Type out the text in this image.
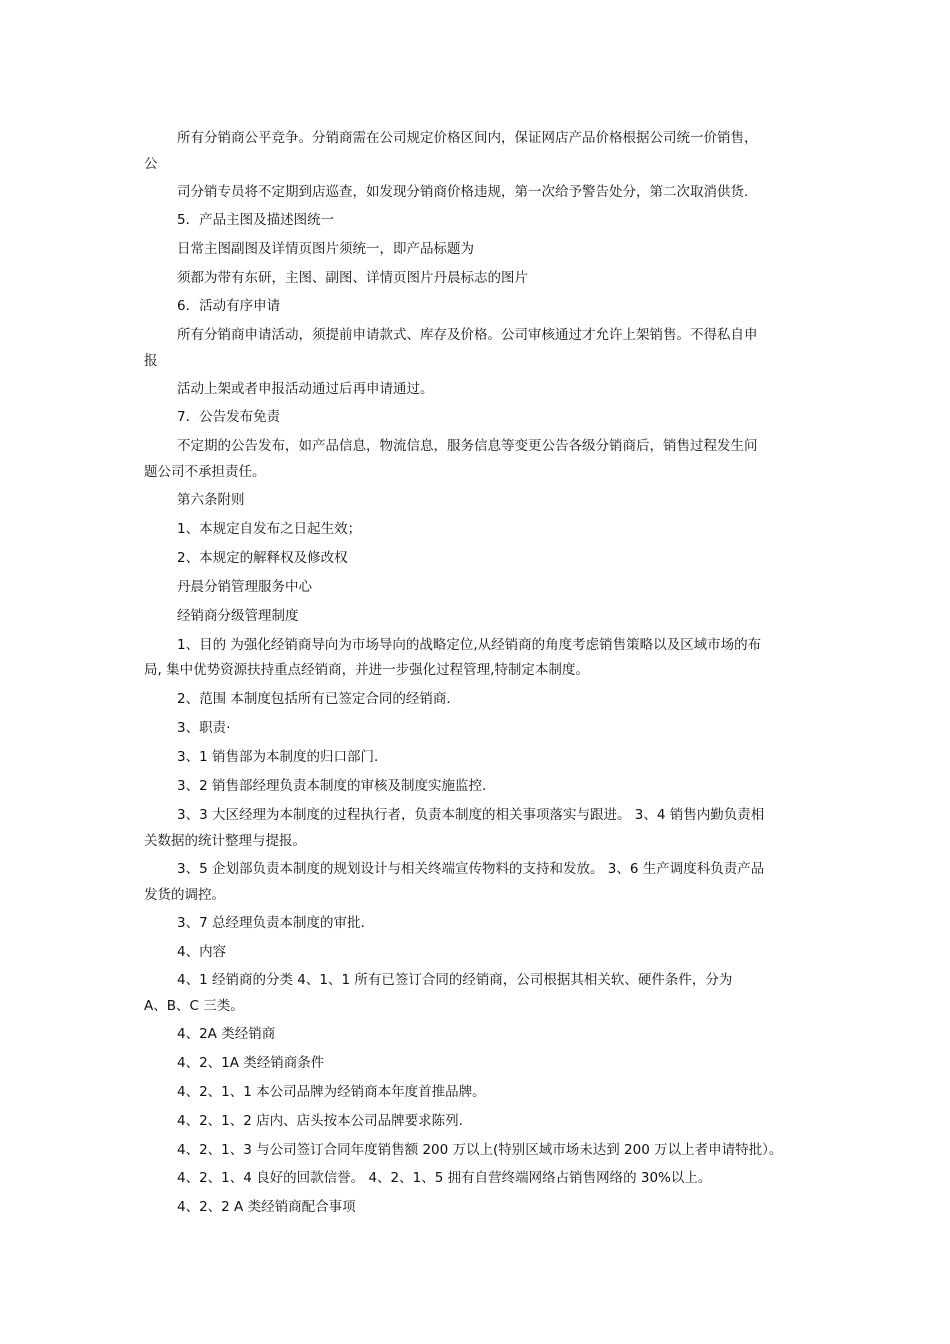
所有分销商公平竞争。分销商需在公司规定价格区间内，保证网店产品价格根据公司统一价销售，
公
司分销专员将不定期到店巡查，如发现分销商价格违规，第一次给予警告处分，第二次取消供货.
5．产品主图及描述图统一
日常主图副图及详情页图片须统一，即产品标题为
须都为带有东研，主图、副图、详情页图片丹晨标志的图片
6．活动有序申请
所有分销商申请活动，须提前申请款式、库存及价格。公司审核通过才允许上架销售。不得私自申
报
活动上架或者申报活动通过后再申请通过。
7．公告发布免责
不定期的公告发布，如产品信息，物流信息，服务信息等变更公告各级分销商后，销售过程发生问
题公司不承担责任。
第六条附则
1、本规定自发布之日起生效；
2、本规定的解释权及修改权
丹晨分销管理服务中心
经销商分级管理制度
1、目的 为强化经销商导向为市场导向的战略定位,从经销商的角度考虑销售策略以及区域市场的布
局, 集中优势资源扶持重点经销商，并进一步强化过程管理,特制定本制度。
2、范围 本制度包括所有已签定合同的经销商.
3、职责·
3、1 销售部为本制度的归口部门.
3、2 销售部经理负责本制度的审核及制度实施监控.
3、3 大区经理为本制度的过程执行者，负责本制度的相关事项落实与跟进。 3、4 销售内勤负责相
关数据的统计整理与提报。
3、5 企划部负责本制度的规划设计与相关终端宣传物料的支持和发放。 3、6 生产调度科负责产品
发货的调控。
3、7 总经理负责本制度的审批.
4、内容
4、1 经销商的分类 4、1、1 所有已签订合同的经销商，公司根据其相关软、硬件条件，分为
A、B、C 三类。
4、2A 类经销商
4、2、1A 类经销商条件
4、2、1、1 本公司品牌为经销商本年度首推品牌。
4、2、1、2 店内、店头按本公司品牌要求陈列.
4、2、1、3 与公司签订合同年度销售额 200 万以上(特别区域市场未达到 200 万以上者申请特批）。
4、2、1、4 良好的回款信誉。 4、2、1、5 拥有自营终端网络占销售网络的 30%以上。
4、2、2 A 类经销商配合事项
